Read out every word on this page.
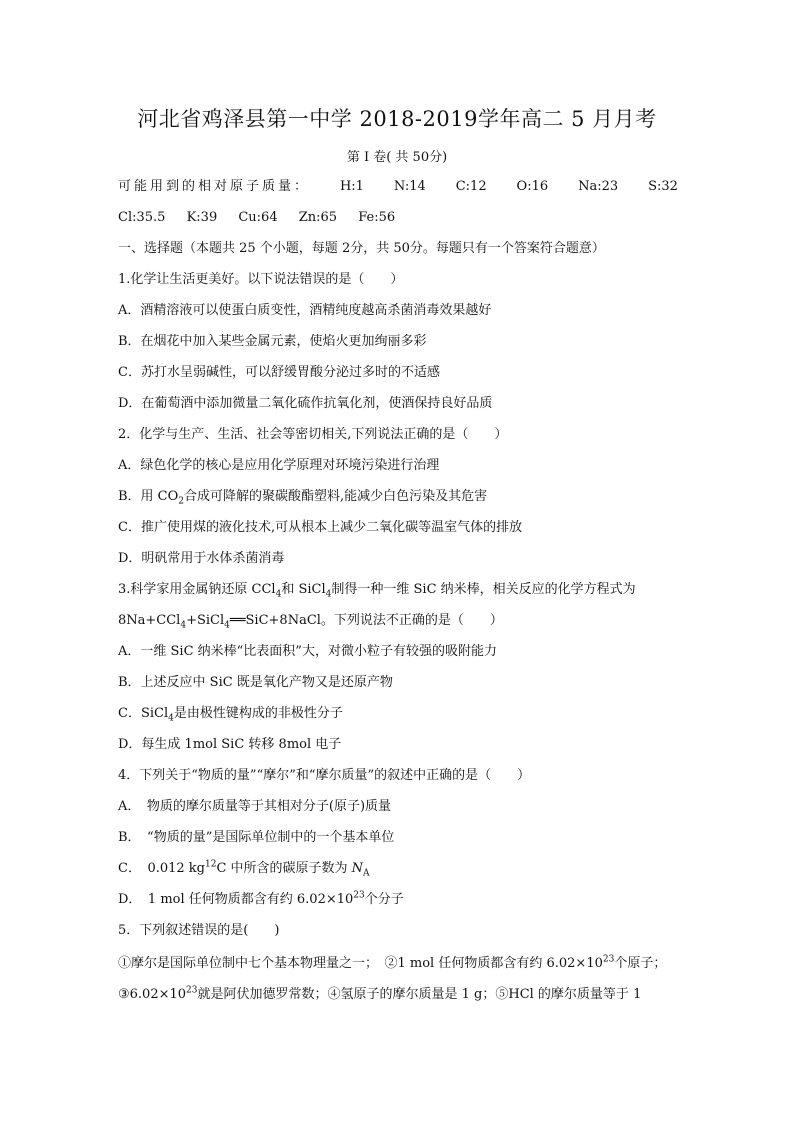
河北省鸡泽县第一中学 2018-2019学年高二 5 月月考
第 I 卷( 共 50分)
可能用到的相对原子质量： H:1 N:14 C:12 O:16 Na:23 S:32
Cl:35.5 K:39 Cu:64 Zn:65 Fe:56
一、选择题（本题共 25 个小题，每题 2分，共 50分。每题只有一个答案符合题意）
1.化学让生活更美好。以下说法错误的是（　　）
A．酒精溶液可以使蛋白质变性，酒精纯度越高杀菌消毒效果越好
B．在烟花中加入某些金属元素，使焰火更加绚丽多彩
C．苏打水呈弱碱性，可以舒缓胃酸分泌过多时的不适感
D．在葡萄酒中添加微量二氧化硫作抗氧化剂，使酒保持良好品质
2．化学与生产、生活、社会等密切相关,下列说法正确的是（　　）
A．绿色化学的核心是应用化学原理对环境污染进行治理
B．用 $CO_2$合成可降解的聚碳酸酯塑料,能减少白色污染及其危害
C．推广使用煤的液化技术,可从根本上减少二氧化碳等温室气体的排放
D．明矾常用于水体杀菌消毒
3.科学家用金属钠还原 CCl$_4$和 SiCl$_4$制得一种一维 SiC 纳米棒，相关反应的化学方程式为
8Na+CCl$_4$+SiCl$_4$══SiC+8NaCl。下列说法不正确的是（　　）
A．一维 SiC 纳米棒“比表面积”大，对微小粒子有较强的吸附能力
B．上述反应中 SiC 既是氧化产物又是还原产物
C．SiCl$_4$是由极性键构成的非极性分子
D．每生成 1mol SiC 转移 8mol 电子
4．下列关于“物质的量”“摩尔”和“摩尔质量”的叙述中正确的是（　　）
A．　物质的摩尔质量等于其相对分子(原子)质量
B．　“物质的量”是国际单位制中的一个基本单位
C．　0.012 $kg^{12}C$ 中所含的碳原子数为 $N_A$
D．　1 mol 任何物质都含有约 $6.02\times 10^{23}$个分子
5．下列叙述错误的是(　　)
①摩尔是国际单位制中七个基本物理量之一；　②1 mol 任何物质都含有约 $6.02\times 10^{23}$个原子；
$③6.02\times 10^{23}$就是阿伏加德罗常数；④氢原子的摩尔质量是 1 g；⑤HCl 的摩尔质量等于 1
